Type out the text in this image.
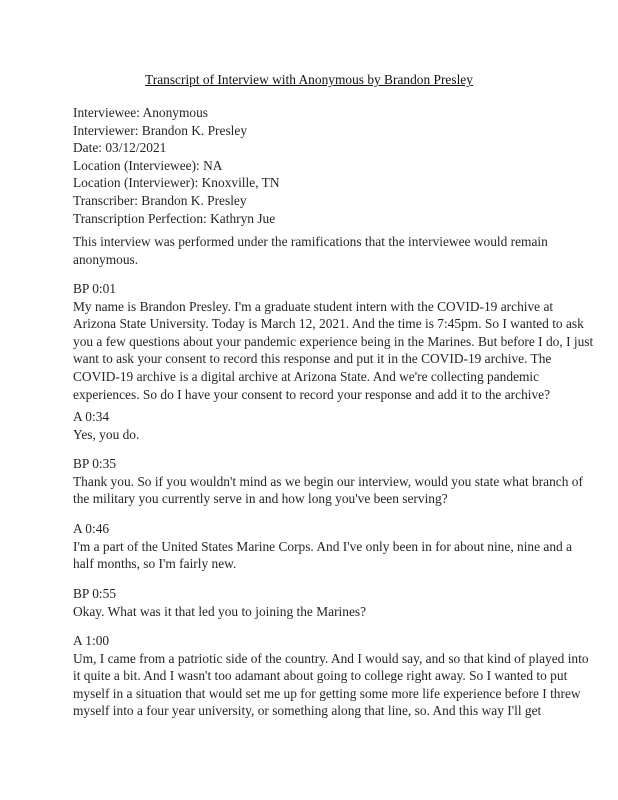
Transcript of Interview with Anonymous by Brandon Presley
Interviewee: Anonymous
Interviewer: Brandon K. Presley
Date: 03/12/2021
Location (Interviewee): NA
Location (Interviewer): Knoxville, TN
Transcriber: Brandon K. Presley
Transcription Perfection: Kathryn Jue
This interview was performed under the ramifications that the interviewee would remain
anonymous.
BP 0:01
My name is Brandon Presley. I'm a graduate student intern with the COVID-19 archive at
Arizona State University. Today is March 12, 2021. And the time is 7:45pm. So I wanted to ask
you a few questions about your pandemic experience being in the Marines. But before I do, I just
want to ask your consent to record this response and put it in the COVID-19 archive. The
COVID-19 archive is a digital archive at Arizona State. And we're collecting pandemic
experiences. So do I have your consent to record your response and add it to the archive?
A 0:34
Yes, you do.
BP 0:35
Thank you. So if you wouldn't mind as we begin our interview, would you state what branch of
the military you currently serve in and how long you've been serving?
A 0:46
I'm a part of the United States Marine Corps. And I've only been in for about nine, nine and a
half months, so I'm fairly new.
BP 0:55
Okay. What was it that led you to joining the Marines?
A 1:00
Um, I came from a patriotic side of the country. And I would say, and so that kind of played into
it quite a bit. And I wasn't too adamant about going to college right away. So I wanted to put
myself in a situation that would set me up for getting some more life experience before I threw
myself into a four year university, or something along that line, so. And this way I'll get
